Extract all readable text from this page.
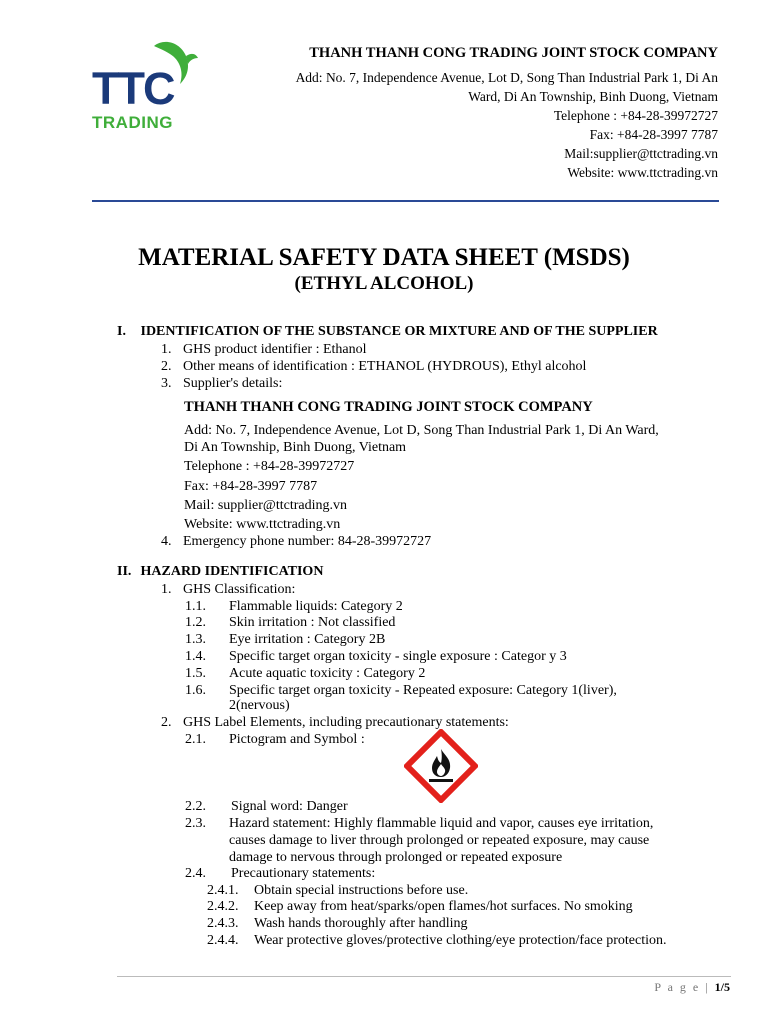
TTC
TRADING
THANH THANH CONG TRADING JOINT STOCK COMPANY
Add: No. 7, Independence Avenue, Lot D, Song Than Industrial Park 1, Di An
Ward, Di An Township, Binh Duong, Vietnam
Telephone : +84-28-39972727
Fax: +84-28-3997 7787
Mail:supplier@ttctrading.vn
Website: www.ttctrading.vn
MATERIAL SAFETY DATA SHEET (MSDS)
(ETHYL ALCOHOL)
I. IDENTIFICATION OF THE SUBSTANCE OR MIXTURE AND OF THE SUPPLIER
1. GHS product identifier : Ethanol
2. Other means of identification : ETHANOL (HYDROUS), Ethyl alcohol
3. Supplier's details:
THANH THANH CONG TRADING JOINT STOCK COMPANY
Add: No. 7, Independence Avenue, Lot D, Song Than Industrial Park 1, Di An Ward,
Di An Township, Binh Duong, Vietnam
Telephone : +84-28-39972727
Fax: +84-28-3997 7787
Mail: supplier@ttctrading.vn
Website: www.ttctrading.vn
4. Emergency phone number: 84-28-39972727
II. HAZARD IDENTIFICATION
1. GHS Classification:
1.1. Flammable liquids: Category 2
1.2. Skin irritation : Not classified
1.3. Eye irritation : Category 2B
1.4. Specific target organ toxicity - single exposure : Categor y 3
1.5. Acute aquatic toxicity : Category 2
1.6. Specific target organ toxicity - Repeated exposure: Category 1(liver),
2(nervous)
2. GHS Label Elements, including precautionary statements:
2.1. Pictogram and Symbol :
2.2. Signal word: Danger
2.3. Hazard statement: Highly flammable liquid and vapor, causes eye irritation,
causes damage to liver through prolonged or repeated exposure, may cause
damage to nervous through prolonged or repeated exposure
2.4. Precautionary statements:
2.4.1. Obtain special instructions before use.
2.4.2. Keep away from heat/sparks/open flames/hot surfaces. No smoking
2.4.3. Wash hands thoroughly after handling
2.4.4. Wear protective gloves/protective clothing/eye protection/face protection.
P a g e | 1/5
